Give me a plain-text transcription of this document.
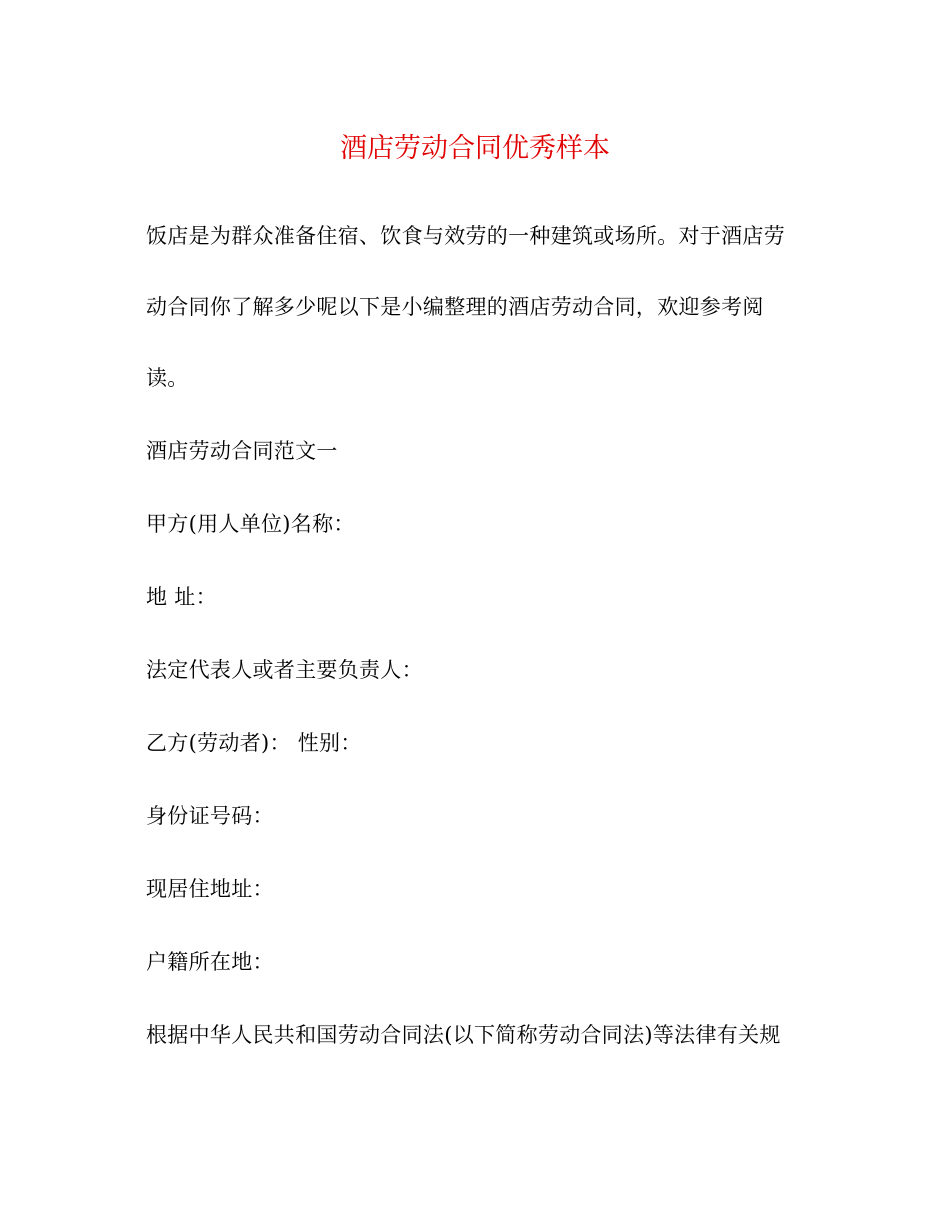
酒店劳动合同优秀样本
饭店是为群众准备住宿、饮食与效劳的一种建筑或场所。对于酒店劳
动合同你了解多少呢以下是小编整理的酒店劳动合同，欢迎参考阅
读。
酒店劳动合同范文一
甲方(用人单位)名称：
地 址：
法定代表人或者主要负责人：
乙方(劳动者)： 性别：
身份证号码：
现居住地址：
户籍所在地：
根据中华人民共和国劳动合同法(以下简称劳动合同法)等法律有关规
